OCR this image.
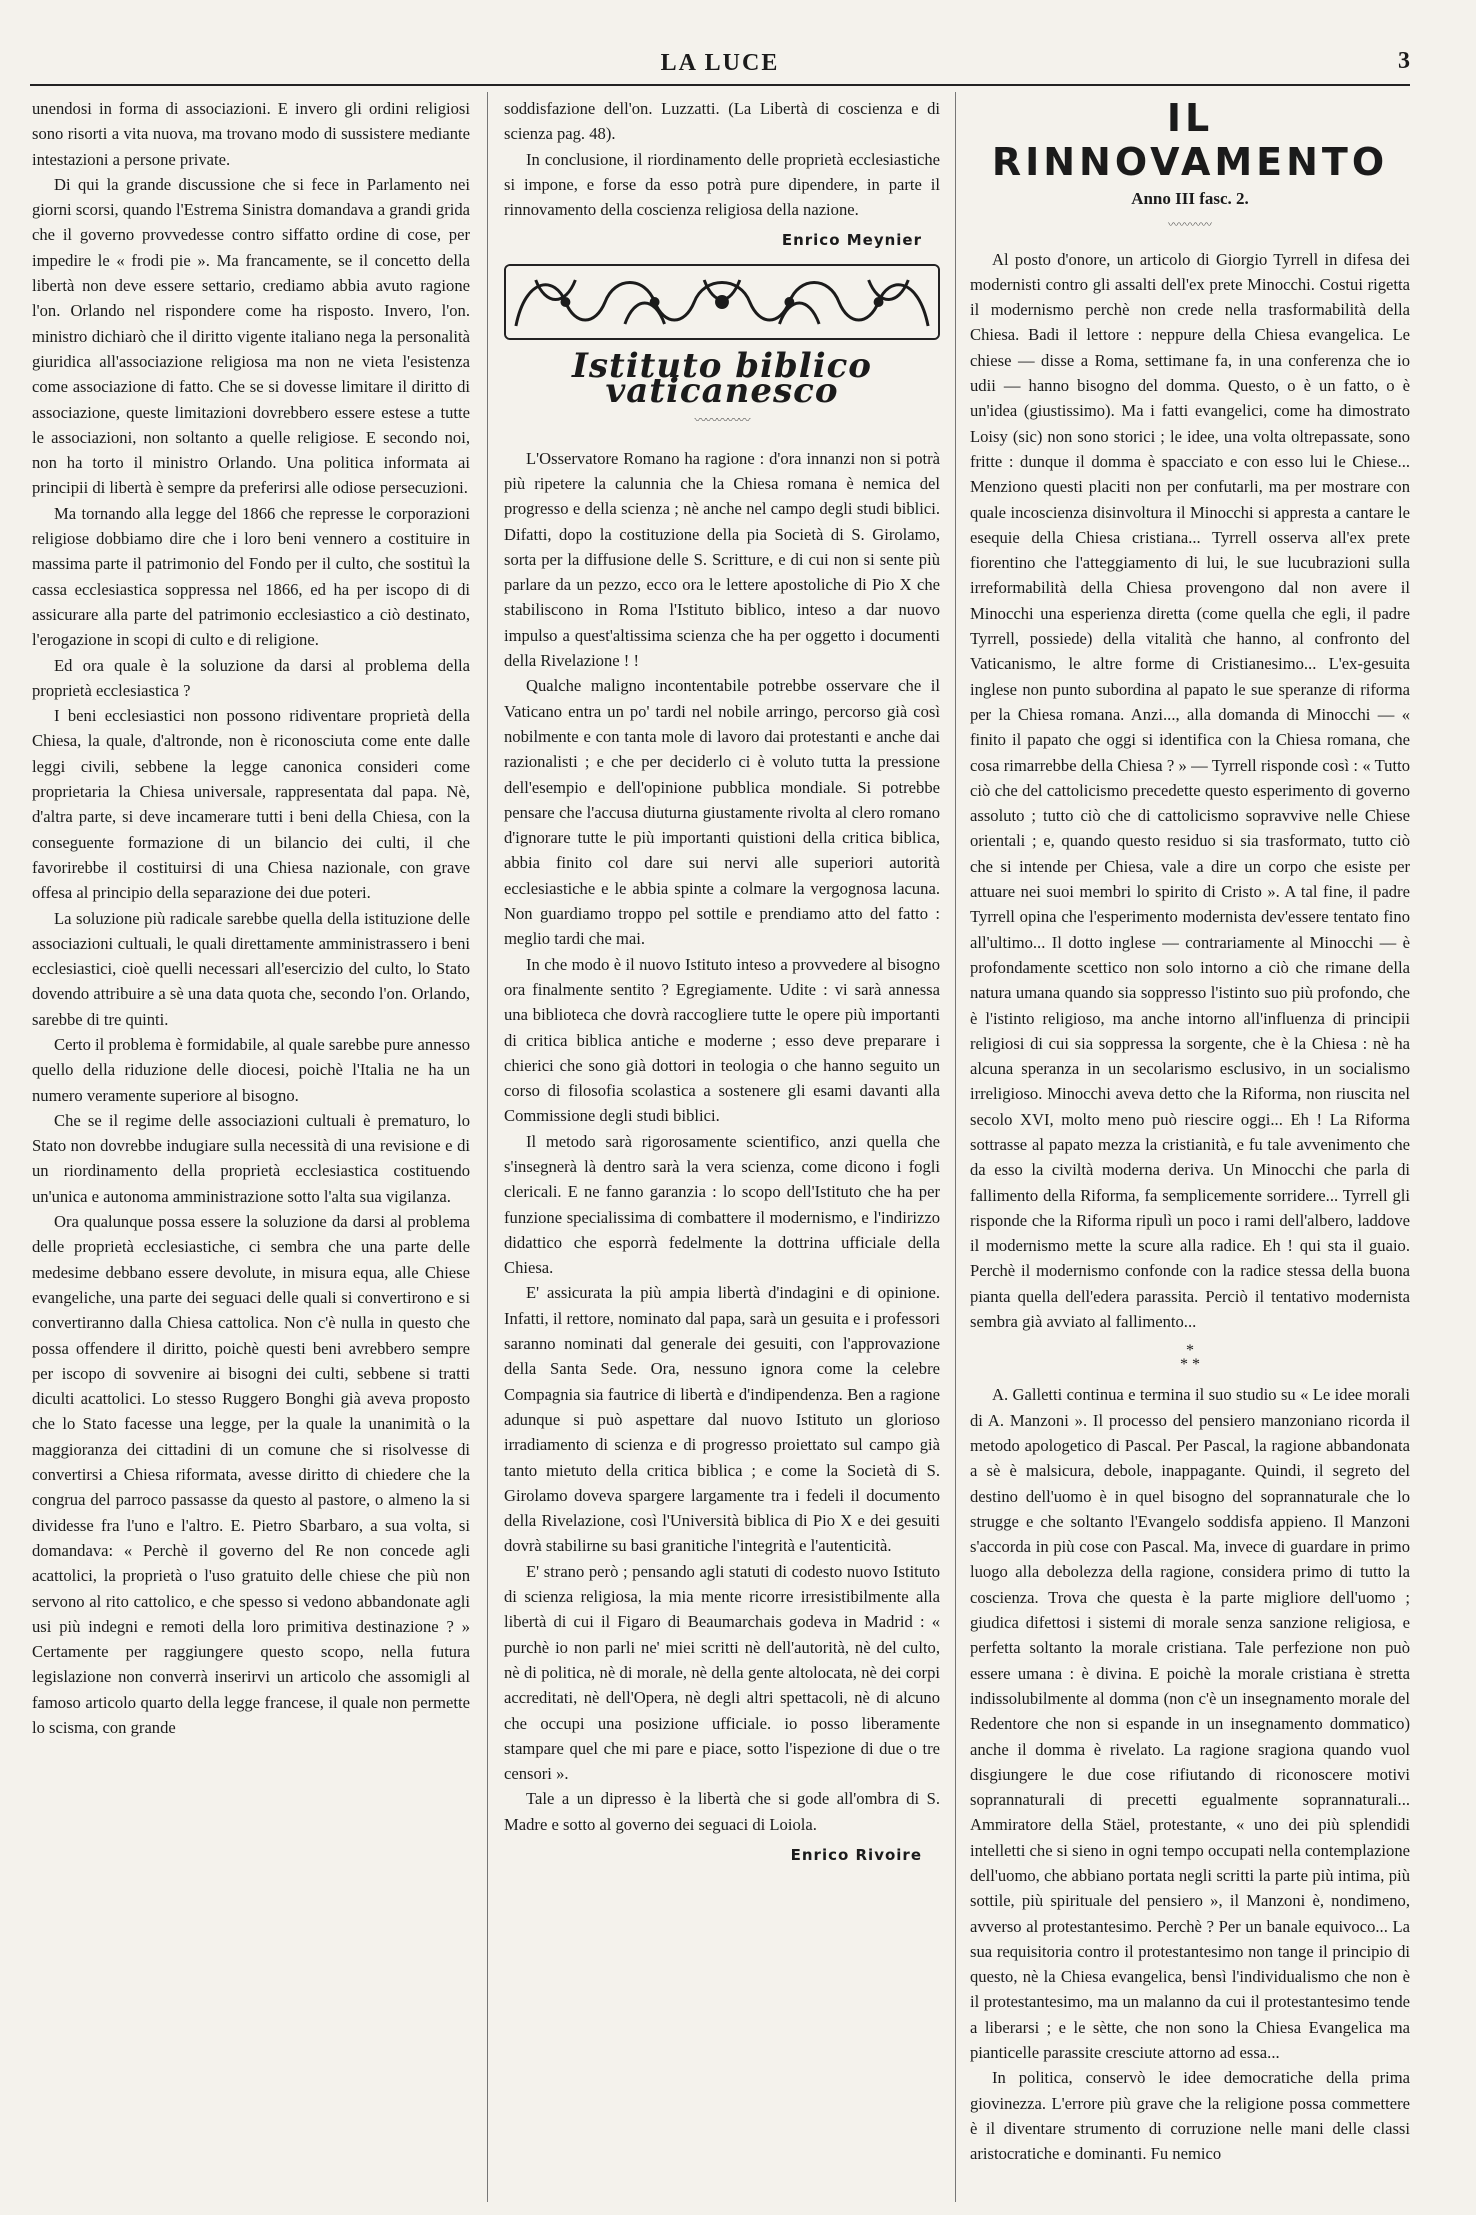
LA LUCE	3

unendosi in forma di associazioni. E invero gli ordini religiosi sono risorti a vita nuova, ma trovano modo di sussistere mediante intestazioni a persone private.

Di qui la grande discussione che si fece in Parlamento nei giorni scorsi, quando l'Estrema Sinistra domandava a grandi grida che il governo provvedesse contro siffatto ordine di cose, per impedire le « frodi pie ». Ma francamente, se il concetto della libertà non deve essere settario, crediamo abbia avuto ragione l'on. Orlando nel rispondere come ha risposto. Invero, l'on. ministro dichiarò che il diritto vigente italiano nega la personalità giuridica all'associazione religiosa ma non ne vieta l'esistenza come associazione di fatto. Che se si dovesse limitare il diritto di associazione, queste limitazioni dovrebbero essere estese a tutte le associazioni, non soltanto a quelle religiose. E secondo noi, non ha torto il ministro Orlando. Una politica informata ai principii di libertà è sempre da preferirsi alle odiose persecuzioni.

Ma tornando alla legge del 1866 che represse le corporazioni religiose dobbiamo dire che i loro beni vennero a costituire in massima parte il patrimonio del Fondo per il culto, che sostituì la cassa ecclesiastica soppressa nel 1866, ed ha per iscopo di di assicurare alla parte del patrimonio ecclesiastico a ciò destinato, l'erogazione in scopi di culto e di religione.

Ed ora quale è la soluzione da darsi al problema della proprietà ecclesiastica ?

I beni ecclesiastici non possono ridiventare proprietà della Chiesa, la quale, d'altronde, non è riconosciuta come ente dalle leggi civili, sebbene la legge canonica consideri come proprietaria la Chiesa universale, rappresentata dal papa. Nè, d'altra parte, si deve incamerare tutti i beni della Chiesa, con la conseguente formazione di un bilancio dei culti, il che favorirebbe il costituirsi di una Chiesa nazionale, con grave offesa al principio della separazione dei due poteri.

La soluzione più radicale sarebbe quella della istituzione delle associazioni cultuali, le quali direttamente amministrassero i beni ecclesiastici, cioè quelli necessari all'esercizio del culto, lo Stato dovendo attribuire a sè una data quota che, secondo l'on. Orlando, sarebbe di tre quinti.

Certo il problema è formidabile, al quale sarebbe pure annesso quello della riduzione delle diocesi, poichè l'Italia ne ha un numero veramente superiore al bisogno.

Che se il regime delle associazioni cultuali è prematuro, lo Stato non dovrebbe indugiare sulla necessità di una revisione e di un riordinamento della proprietà ecclesiastica costituendo un'unica e autonoma amministrazione sotto l'alta sua vigilanza.

Ora qualunque possa essere la soluzione da darsi al problema delle proprietà ecclesiastiche, ci sembra che una parte delle medesime debbano essere devolute, in misura equa, alle Chiese evangeliche, una parte dei seguaci delle quali si convertirono e si convertiranno dalla Chiesa cattolica. Non c'è nulla in questo che possa offendere il diritto, poichè questi beni avrebbero sempre per iscopo di sovvenire ai bisogni dei culti, sebbene si tratti diculti acattolici. Lo stesso Ruggero Bonghi già aveva proposto che lo Stato facesse una legge, per la quale la unanimità o la maggioranza dei cittadini di un comune che si risolvesse di convertirsi a Chiesa riformata, avesse diritto di chiedere che la congrua del parroco passasse da questo al pastore, o almeno la si dividesse fra l'uno e l'altro. E. Pietro Sbarbaro, a sua volta, si domandava: « Perchè il governo del Re non concede agli acattolici, la proprietà o l'uso gratuito delle chiese che più non servono al rito cattolico, e che spesso si vedono abbandonate agli usi più indegni e remoti della loro primitiva destinazione ? » Certamente per raggiungere questo scopo, nella futura legislazione non converrà inserirvi un articolo che assomigli al famoso articolo quarto della legge francese, il quale non permette lo scisma, con grande

soddisfazione dell'on. Luzzatti. (La Libertà di coscienza e di scienza pag. 48).

In conclusione, il riordinamento delle proprietà ecclesiastiche si impone, e forse da esso potrà pure dipendere, in parte il rinnovamento della coscienza religiosa della nazione.

Enrico Meynier
Istituto biblico vaticanesco
〰〰〰〰〰

L'Osservatore Romano ha ragione : d'ora innanzi non si potrà più ripetere la calunnia che la Chiesa romana è nemica del progresso e della scienza ; nè anche nel campo degli studi biblici. Difatti, dopo la costituzione della pia Società di S. Girolamo, sorta per la diffusione delle S. Scritture, e di cui non si sente più parlare da un pezzo, ecco ora le lettere apostoliche di Pio X che stabiliscono in Roma l'Istituto biblico, inteso a dar nuovo impulso a quest'altissima scienza che ha per oggetto i documenti della Rivelazione ! !

Qualche maligno incontentabile potrebbe osservare che il Vaticano entra un po' tardi nel nobile arringo, percorso già così nobilmente e con tanta mole di lavoro dai protestanti e anche dai razionalisti ; e che per deciderlo ci è voluto tutta la pressione dell'esempio e dell'opinione pubblica mondiale. Si potrebbe pensare che l'accusa diuturna giustamente rivolta al clero romano d'ignorare tutte le più importanti quistioni della critica biblica, abbia finito col dare sui nervi alle superiori autorità ecclesiastiche e le abbia spinte a colmare la vergognosa lacuna. Non guardiamo troppo pel sottile e prendiamo atto del fatto : meglio tardi che mai.

In che modo è il nuovo Istituto inteso a provvedere al bisogno ora finalmente sentito ? Egregiamente. Udite : vi sarà annessa una biblioteca che dovrà raccogliere tutte le opere più importanti di critica biblica antiche e moderne ; esso deve preparare i chierici che sono già dottori in teologia o che hanno seguito un corso di filosofia scolastica a sostenere gli esami davanti alla Commissione degli studi biblici.

Il metodo sarà rigorosamente scientifico, anzi quella che s'insegnerà là dentro sarà la vera scienza, come dicono i fogli clericali. E ne fanno garanzia : lo scopo dell'Istituto che ha per funzione specialissima di combattere il modernismo, e l'indirizzo didattico che esporrà fedelmente la dottrina ufficiale della Chiesa.

E' assicurata la più ampia libertà d'indagini e di opinione. Infatti, il rettore, nominato dal papa, sarà un gesuita e i professori saranno nominati dal generale dei gesuiti, con l'approvazione della Santa Sede. Ora, nessuno ignora come la celebre Compagnia sia fautrice di libertà e d'indipendenza. Ben a ragione adunque si può aspettare dal nuovo Istituto un glorioso irradiamento di scienza e di progresso proiettato sul campo già tanto mietuto della critica biblica ; e come la Società di S. Girolamo doveva spargere largamente tra i fedeli il documento della Rivelazione, così l'Università biblica di Pio X e dei gesuiti dovrà stabilirne su basi granitiche l'integrità e l'autenticità.

E' strano però ; pensando agli statuti di codesto nuovo Istituto di scienza religiosa, la mia mente ricorre irresistibilmente alla libertà di cui il Figaro di Beaumarchais godeva in Madrid : « purchè io non parli ne' miei scritti nè dell'autorità, nè del culto, nè di politica, nè di morale, nè della gente altolocata, nè dei corpi accreditati, nè dell'Opera, nè degli altri spettacoli, nè di alcuno che occupi una posizione ufficiale. io posso liberamente stampare quel che mi pare e piace, sotto l'ispezione di due o tre censori ».

Tale a un dipresso è la libertà che si gode all'ombra di S. Madre e sotto al governo dei seguaci di Loiola.

Enrico Rivoire
IL RINNOVAMENTO
Anno III fasc. 2.
〰〰〰〰

Al posto d'onore, un articolo di Giorgio Tyrrell in difesa dei modernisti contro gli assalti dell'ex prete Minocchi. Costui rigetta il modernismo perchè non crede nella trasformabilità della Chiesa. Badi il lettore : neppure della Chiesa evangelica. Le chiese — disse a Roma, settimane fa, in una conferenza che io udii — hanno bisogno del domma. Questo, o è un fatto, o è un'idea (giustissimo). Ma i fatti evangelici, come ha dimostrato Loisy (sic) non sono storici ; le idee, una volta oltrepassate, sono fritte : dunque il domma è spacciato e con esso lui le Chiese... Menziono questi placiti non per confutarli, ma per mostrare con quale incoscienza disinvoltura il Minocchi si appresta a cantare le esequie della Chiesa cristiana... Tyrrell osserva all'ex prete fiorentino che l'atteggiamento di lui, le sue lucubrazioni sulla irreformabilità della Chiesa provengono dal non avere il Minocchi una esperienza diretta (come quella che egli, il padre Tyrrell, possiede) della vitalità che hanno, al confronto del Vaticanismo, le altre forme di Cristianesimo... L'ex-gesuita inglese non punto subordina al papato le sue speranze di riforma per la Chiesa romana. Anzi..., alla domanda di Minocchi — « finito il papato che oggi si identifica con la Chiesa romana, che cosa rimarrebbe della Chiesa ? » — Tyrrell risponde così : « Tutto ciò che del cattolicismo precedette questo esperimento di governo assoluto ; tutto ciò che di cattolicismo sopravvive nelle Chiese orientali ; e, quando questo residuo si sia trasformato, tutto ciò che si intende per Chiesa, vale a dire un corpo che esiste per attuare nei suoi membri lo spirito di Cristo ». A tal fine, il padre Tyrrell opina che l'esperimento modernista dev'essere tentato fino all'ultimo... Il dotto inglese — contrariamente al Minocchi — è profondamente scettico non solo intorno a ciò che rimane della natura umana quando sia soppresso l'istinto suo più profondo, che è l'istinto religioso, ma anche intorno all'influenza di principii religiosi di cui sia soppressa la sorgente, che è la Chiesa : nè ha alcuna speranza in un secolarismo esclusivo, in un socialismo irreligioso. Minocchi aveva detto che la Riforma, non riuscita nel secolo XVI, molto meno può riescire oggi... Eh ! La Riforma sottrasse al papato mezza la cristianità, e fu tale avvenimento che da esso la civiltà moderna deriva. Un Minocchi che parla di fallimento della Riforma, fa semplicemente sorridere... Tyrrell gli risponde che la Riforma ripulì un poco i rami dell'albero, laddove il modernismo mette la scure alla radice. Eh ! qui sta il guaio. Perchè il modernismo confonde con la radice stessa della buona pianta quella dell'edera parassita. Perciò il tentativo modernista sembra già avviato al fallimento...

*
* *

A. Galletti continua e termina il suo studio su « Le idee morali di A. Manzoni ». Il processo del pensiero manzoniano ricorda il metodo apologetico di Pascal. Per Pascal, la ragione abbandonata a sè è malsicura, debole, inappagante. Quindi, il segreto del destino dell'uomo è in quel bisogno del soprannaturale che lo strugge e che soltanto l'Evangelo soddisfa appieno. Il Manzoni s'accorda in più cose con Pascal. Ma, invece di guardare in primo luogo alla debolezza della ragione, considera primo di tutto la coscienza. Trova che questa è la parte migliore dell'uomo ; giudica difettosi i sistemi di morale senza sanzione religiosa, e perfetta soltanto la morale cristiana. Tale perfezione non può essere umana : è divina. E poichè la morale cristiana è stretta indissolubilmente al domma (non c'è un insegnamento morale del Redentore che non si espande in un insegnamento dommatico) anche il domma è rivelato. La ragione sragiona quando vuol disgiungere le due cose rifiutando di riconoscere motivi soprannaturali di precetti egualmente soprannaturali... Ammiratore della Stäel, protestante, « uno dei più splendidi intelletti che si sieno in ogni tempo occupati nella contemplazione dell'uomo, che abbiano portata negli scritti la parte più intima, più sottile, più spirituale del pensiero », il Manzoni è, nondimeno, avverso al protestantesimo. Perchè ? Per un banale equivoco... La sua requisitoria contro il protestantesimo non tange il principio di questo, nè la Chiesa evangelica, bensì l'individualismo che non è il protestantesimo, ma un malanno da cui il protestantesimo tende a liberarsi ; e le sètte, che non sono la Chiesa Evangelica ma pianticelle parassite cresciute attorno ad essa...

In politica, conservò le idee democratiche della prima giovinezza. L'errore più grave che la religione possa commettere è il diventare strumento di corruzione nelle mani delle classi aristocratiche e dominanti. Fu nemico
